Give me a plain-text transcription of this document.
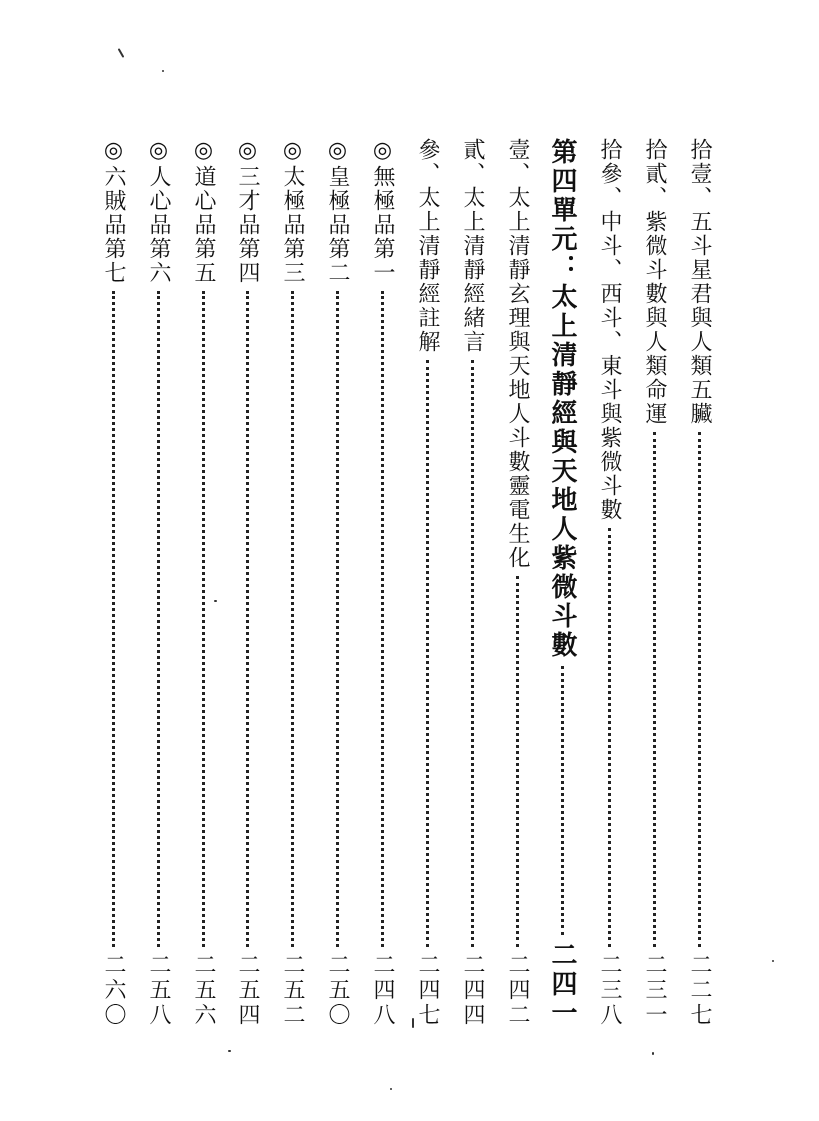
拾壹、五斗星君與人類五臟
二二七
拾貳、紫微斗數與人類命運
二三一
拾參、中斗、西斗、東斗與紫微斗數
二三八
第四單元：太上清靜經與天地人紫微斗數
二四一
壹、太上清靜玄理與天地人斗數靈電生化
二四二
貳、太上清靜經緒言
二四四
參、太上清靜經註解
二四七
◎無極品第一
二四八
◎皇極品第二
二五〇
◎太極品第三
二五二
◎三才品第四
二五四
◎道心品第五
二五六
◎人心品第六
二五八
◎六賊品第七
二六〇
